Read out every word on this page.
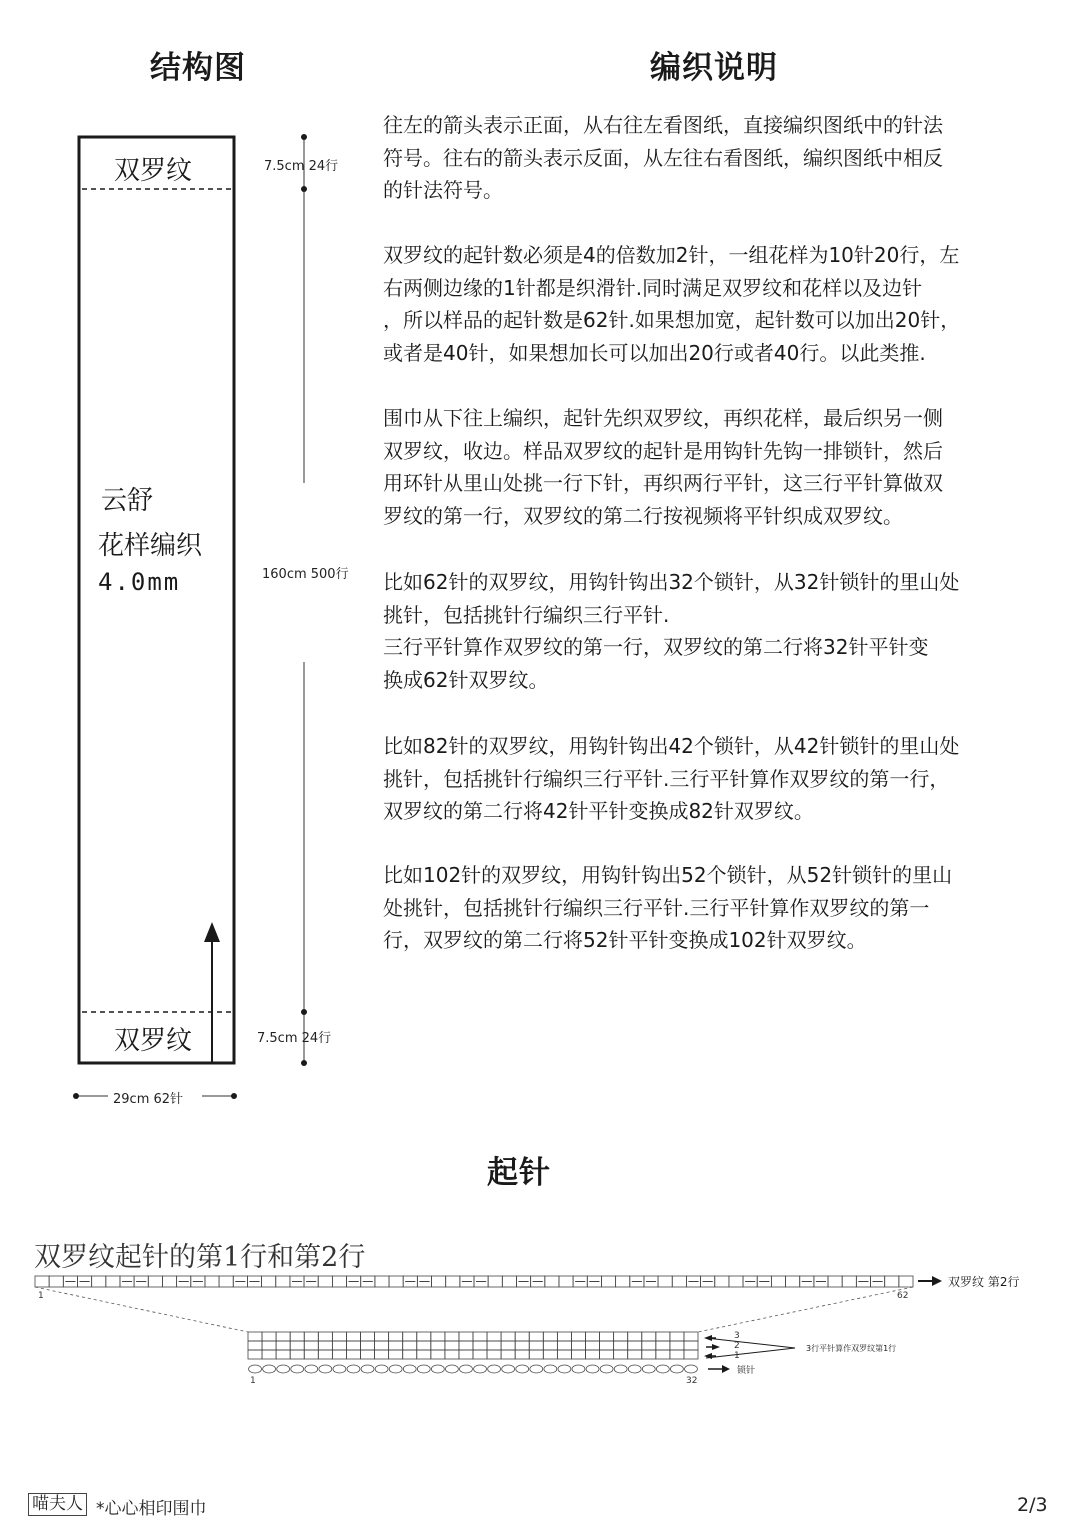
结构图	编织说明
双罗纹
双罗纹
云舒
花样编织
4.0mm
7.5cm 24行
160cm 500行
7.5cm 24行
29cm 62针

往左的箭头表示正面，从右往左看图纸，直接编织图纸中的针法
符号。往右的箭头表示反面，从左往右看图纸，编织图纸中相反
的针法符号。

双罗纹的起针数必须是4的倍数加2针，一组花样为10针20行，左
右两侧边缘的1针都是织滑针.同时满足双罗纹和花样以及边针
，所以样品的起针数是62针.如果想加宽，起针数可以加出20针，
或者是40针，如果想加长可以加出20行或者40行。以此类推.

围巾从下往上编织，起针先织双罗纹，再织花样，最后织另一侧
双罗纹，收边。样品双罗纹的起针是用钩针先钩一排锁针，然后
用环针从里山处挑一行下针，再织两行平针，这三行平针算做双
罗纹的第一行，双罗纹的第二行按视频将平针织成双罗纹。

比如62针的双罗纹，用钩针钩出32个锁针，从32针锁针的里山处
挑针，包括挑针行编织三行平针.
三行平针算作双罗纹的第一行，双罗纹的第二行将32针平针变
换成62针双罗纹。

比如82针的双罗纹，用钩针钩出42个锁针，从42针锁针的里山处
挑针，包括挑针行编织三行平针.三行平针算作双罗纹的第一行，
双罗纹的第二行将42针平针变换成82针双罗纹。

比如102针的双罗纹，用钩针钩出52个锁针，从52针锁针的里山
处挑针，包括挑针行编织三行平针.三行平针算作双罗纹的第一
行，双罗纹的第二行将52针平针变换成102针双罗纹。

起针
双罗纹起针的第1行和第2行
双罗纹 第2行
1	62
3
2
1
3行平针算作双罗纹第1行
锁针
1	32
喵夫人 *心心相印围巾	2/3
